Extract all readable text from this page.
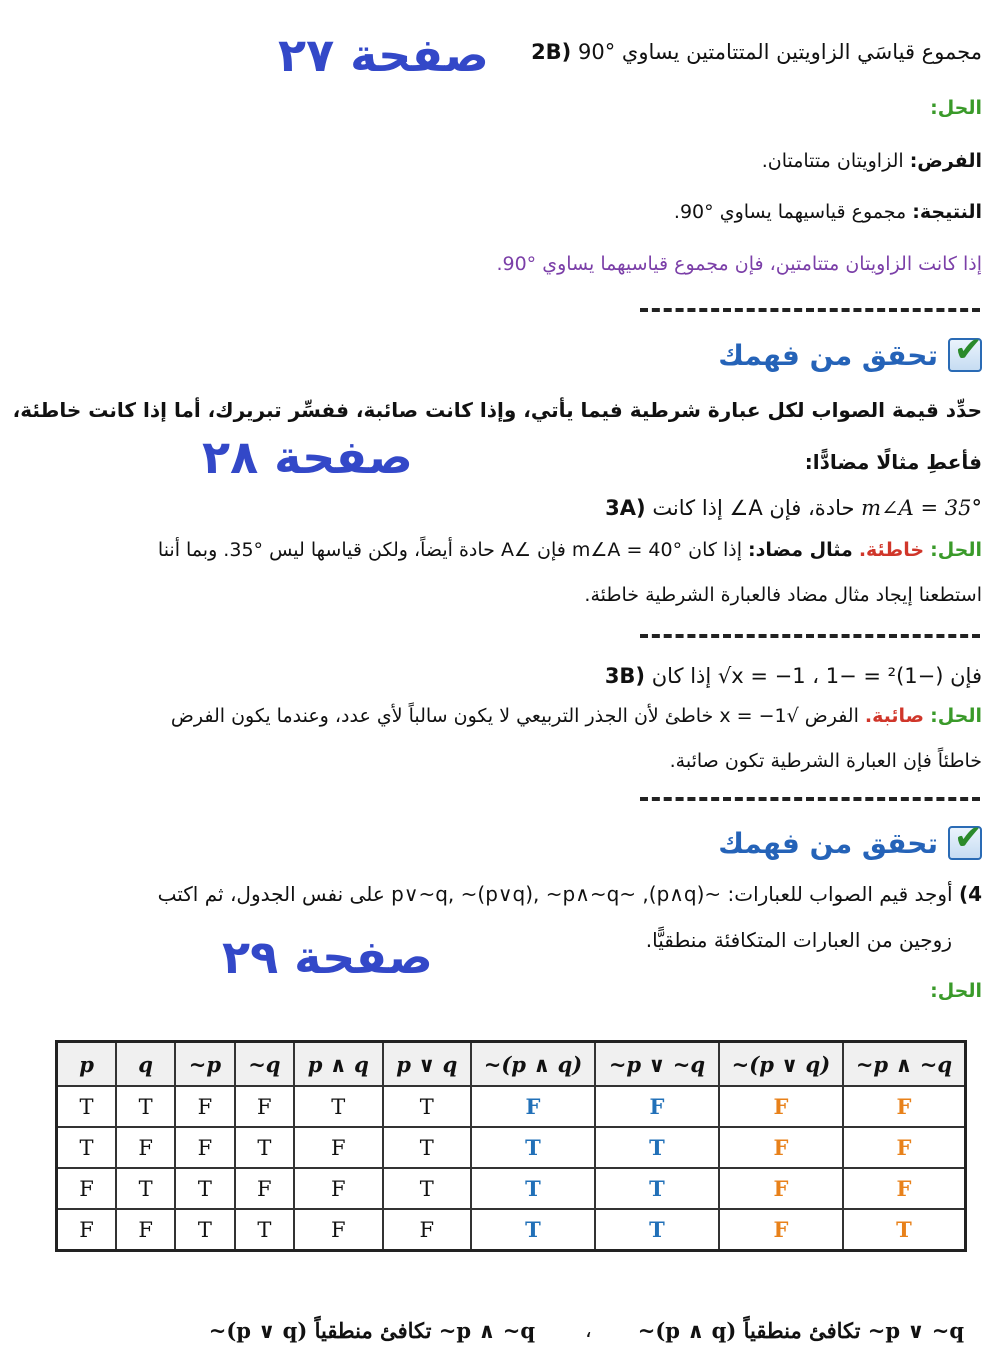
صفحة ٢٧ 2B) مجموع قياسَي الزاويتين المتتامتين يساوي °90
الحل:
الفرض: الزاويتان متتامتان.
النتيجة: مجموع قياسيهما يساوي °90.
إذا كانت الزاويتان متتامتين، فإن مجموع قياسيهما يساوي °90.
تحقق من فهمك
✔
حدِّد قيمة الصواب لكل عبارة شرطية فيما يأتي، وإذا كانت صائبة، ففسِّر تبريرك، أما إذا كانت خاطئة،
فأعطِ مثالًا مضادًّا:
صفحة ٢٨
3A) إذا كانت ∠A حادة، فإن m∠A = 35°
الحل: خاطئة. مثال مضاد: إذا كان m∠A = 40° فإن ∠A حادة أيضاً، ولكن قياسها ليس °35. وبما أننا
استطعنا إيجاد مثال مضاد فالعبارة الشرطية خاطئة.
3B) إذا كان √x = −1 ، فإن (−1)² = −1
الحل: صائبة. الفرض √x = −1 خاطئ لأن الجذر التربيعي لا يكون سالباً لأي عدد، وعندما يكون الفرض
خاطئاً فإن العبارة الشرطية تكون صائبة.
تحقق من فهمك
✔
4) أوجد قيم الصواب للعبارات: ~(p∧q), ~p∨~q, ~(p∨q), ~p∧~q على نفس الجدول، ثم اكتب
زوجين من العبارات المتكافئة منطقيًّا.
صفحة ٢٩
الحل:
p	q	~p	~q	p ∧ q	p ∨ q	~(p ∧ q)	~p ∨ ~q	~(p ∨ q)	~p ∧ ~q
T	T	F	F	T	T	F	F	F	F
T	F	F	T	F	T	T	T	F	F
F	T	T	F	F	T	T	T	F	F
F	F	T	T	F	F	T	T	F	T
~(p ∧ q) تكافئ منطقياً ~p ∨ ~q
،
~(p ∨ q) تكافئ منطقياً ~p ∧ ~q
